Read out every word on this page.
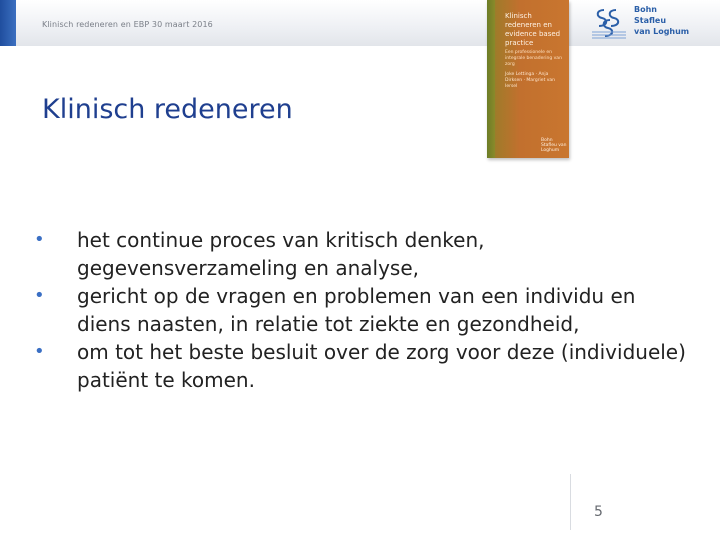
Klinisch redeneren en EBP 30 maart 2016
Klinisch redeneren en evidence based practice
Een professionele en integrale benadering van zorg
Joke Lettinga · Anja Dirksen · Margriet van Iersel
Bohn Stafleu van Loghum
Bohn
Stafleu
van Loghum
Klinisch redeneren
• het continue proces van kritisch denken, gegevensverzameling en analyse,
• gericht op de vragen en problemen van een individu en diens naasten, in relatie tot ziekte en gezondheid,
• om tot het beste besluit over de zorg voor deze (individuele) patiënt te komen.
5
